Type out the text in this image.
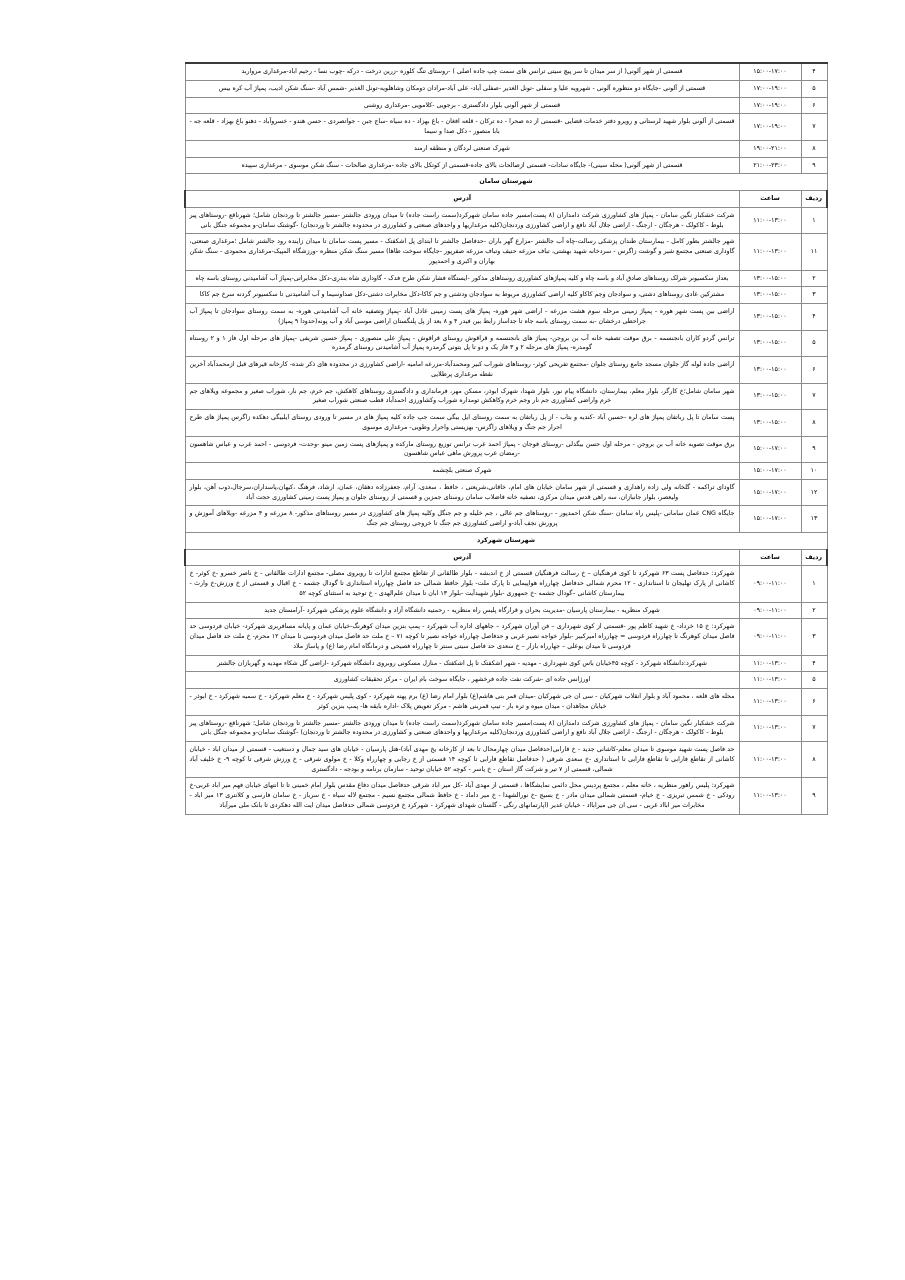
۴	۱۵:۰۰-۱۷:۰۰	قسمتی از شهر آلونی( از سر میدان تا سر پیچ سیتی ترانس های سمت چپ جاده اصلی ) -روستای تنگ کلوره -زرین درخت - درکه -چوب نسا - رحیم اباد-مرغداری مرواربد
۵	۱۷:۰۰-۱۹:۰۰	قسمتی از آلونی -جایگاه دو منظوره آلونی - شهرویه علیا و سفلی -تونل الغدیر -صفلی آباد- علی آباد-مرادان دومکان وشاهلویه-تونل الغدیر -شمس آباد -سنگ شکن ادیب، پمپاژ آب کره بیس
۶	۱۷:۰۰-۱۹:۰۰	قسمتی از شهر آلونی بلوار دادگستری - برجویی -کلامویی -مرغداری روشنی
۷	۱۷:۰۰-۱۹:۰۰	قسمتی از آلونی بلوار شهید لرستانی و رویرو دفتر خدمات قضایی -قسمتی از ده صحرا - ده ترکان - قلعه افغان - باغ بهزاد - ده سیاه -ساج جبن - جواتصردی - حسن هندو - خسروآباد - دهنو باغ بهزاد - قلعه جه - بابا منصور - دکل صدا و سیما
۸	۱۹:۰۰-۲۱:۰۰	شهرک صنعتی لردگان و منطقه ارمند
۹	۲۱:۰۰-۲۳:۰۰	قسمتی از شهر آلونی( محله سینی)- جایگاه سادات- قسمتی ازصالحات بالای جاده-قسمتی از کوتکل بالای جاده -مرغداری صالحات - سنگ شکن موسوی - مرغداری سپیده
شهرستان سامان		
ردیف	ساعت	آدرس
۱	۱۱:۰۰-۱۳:۰۰	شرکت خشکبار نگین سامان - پمپاژ های کشاورزی شرکت دامداران (۸ پست)مسیر جاده سامان شهرکرد(سمت راست جاده) تا میدان ورودی جالشتر -مسیر جالشتر تا وردنجان شامل؛ شهرناقع -روستاهای پیر بلوط - کاکولک - هرجگان - ارجنگ - اراضی جلال آباد نافع و اراضی کشاورزی وردنجان(کلیه مرغداریها و واحدهای صنعتی و کشاورزی در محدوده جالشتر تا وردنجان) -گوشتک سامان-و مجموعه جنگل بانی
۱۱	۱۱:۰۰-۱۳:۰۰	شهر جالشتر بطور کامل - بیمارستان طندان پزشکی رسالت-چاه آب جالشتر -مزارع گهر باران -حدفاصل جالشتر تا ابتدای پل اشکفتک - مسیر پست سامان تا میدان زاینده رود جالشتر شامل ؛مرغداری صنعتی، گاوداری صنعتی مجتمع شیر و گوشت زاگرس - سردخانه شهید بهشتی، تباف مزرعه حنیف وتباف مزرعه صفرپور -جایگاه سوخت طاها) مسیر سنگ شکن منظره -ورزشگاه المپیک-مرغداری محمودی - سنگ شکن بهاران و اکبری و احمدپور
۲	۱۳:۰۰-۱۵:۰۰	بعداز سکسیونر شرلک روستاهای صادق آباد و باسه چاه و کلیه پمپاژهای کشاورزی روستاهای مذکور -ایستگاه فشار شکن طرح فدک - گاوداری شاه بندری-دکل مخابراتی-پمپاژ آب آشامیدنی روستای باسه چاه
۳	۱۳:۰۰-۱۵:۰۰	مشترکین عادی روستاهای دشتی، و سوادجان وجم کاکاو کلیه اراضی کشاورزی مربوط به سوادجان ودشتی و جم کاکا-دکل مخابرات دشتی-دکل صداوسیما و آب آشامیدنی تا سکسیونر گردنه سرخ جم کاکا
۴	۱۳:۰۰-۱۵:۰۰	اراضی بین پست شهر هوره - پمپاژ زمینی مرحله سوم هشت مزرعه - اراضی شهر هوره- پمپاژ های پست زمینی عادل آباد -پمپاژ وتصفیه خانه آب آشامیدنی هوره- به سمت روستای سوادجان تا پمپاژ آب جراحطی درخشان -به سمت روستای باسه جاه تا جداساز رابط بین فیدر ۴ و ۸ بعد از پل پلنگستان اراضی موسی آباد و آب پونه(حدودا ۹ پمپاژ)
۵	۱۳:۰۰-۱۵:۰۰	ترانس گردو کاران بانجنسمه - برق موقت تصفیه خانه آب بن بروجن- پمپاژ های بانجنسمه و قراقوش روستای قراقوش - پمپاژ علی منصوری - پمپاژ حسین شریفی -پمپاژ های مرحله اول فاز ۱ و ۲ روستاه گومدره- پمپاژ های مرحله ۲ و ۳ فاز یک و دو تا پل بتونی گرمدره پمپاژ آب آشامیدنی روستای گرمدره
۶	۱۳:۰۰-۱۵:۰۰	اراضی جاده لوله گاز جلوان مسجد جامع روستای جلوان -مجتمع تفریحی کوثر- روستاهای شوراب کبیر ومحمدآباد-مزرعه امامیه -اراضی کشاورزی در محدوده های ذکر شده- کارخانه قیرهای قبل ازمحمدآباد آخرین نقطه مرغداری پرطلایی
۷	۱۳:۰۰-۱۵:۰۰	شهر سامان شامل؛خ کارگر، بلوار معلم، بیمارستان، دانشگاه پیام نور، بلوار شهدا، شهرک ابوذر، مسکن مهر، فرمانداری و دادگستری روستاهای کاهکش، جم خرم، جم نار، شوراب صغیر و مجموعه ویلاهای جم خرم واراضی کشاورزی جم نار وجم خرم وکاهکش تومداره شوراب وکشاورزی احمدآباد قطب صنعتی شوراب صغیر
۸	۱۳:۰۰-۱۵:۰۰	پست سامان تا پل رباتفان پمپاژ های لره -حسین آباد -کندیه و بتاب - از پل رباتفان به سمت روستای ایل بیگی سمت جپ جاده کلیه پمپاژ های در مسیر تا ورودی روستای ایلبیگی دهکده زاگرس پمپاژ های طرح احرار جم جنگ و ویلاهای زاگرس- بهزیستی واحرار وطویی- مرغداری موسوی
۹	۱۵:۰۰-۱۷:۰۰	برق موقت تصویه خانه آب بن بروجن - مرحله اول حسن بیگدلی -روستای فوجان - پمپاژ احمد عرب ترانس توزیع روستای مارکده و پمپاژهای پست زمین مینو -وحدت- فردوسی - احمد عرب و عباس شاهسون -رمضان عرب پرورش ماهی عباس شاهسون
۱۰	۱۵:۰۰-۱۷:۰۰	شهرک صنعتی بلچشمه
۱۲	۱۵:۰۰-۱۷:۰۰	گاودای تراکمه - گلخانه ولی زاده راهداری و قسمتی از شهر سامان خیابان های امام، خاقانی،شریعتی ، حافظ ، سعدی، آرام، جعفرزاده دهقان، عمان، ارشاد، فرهنگ ،کیهان،پاسداران،سرجال،ذوب آهن، بلوار ولیعصر، بلوار جانبازان، سه راهی قدس میدان مرکزی، تصفیه خانه فاضلاب سامان روستای جمزبن و قسمتی از روستای جلوان و پمپاژ پست زمینی کشاورزی حجت آباد
۱۳	۱۵:۰۰-۱۷:۰۰	جایگاه CNG عمان سامانی -پلیس راه سامان -سنگ شکن احمدپور - -روستاهای جم عالی ، جم خلیله و جم جنگل وکلیه پمپاژ های کشاورزی در مسیر روستاهای مذکور- ۸ مزرعه و ۴ مزرعه -ویلاهای آموزش و پرورش نجف آباد-و اراضی کشاورزی جم جنگ تا خروجی روستای جم جنگ
شهرستان شهرکرد		
ردیف	ساعت	آدرس
۱	۰۹:۰۰-۱۱:۰۰	شهرکرد: حدفاصل پست ۶۳ شهرکرد تا کوی فرهنگیان – خ رسالت فرهنگیان قسمتی از خ اندبشه - بلوار طالقانی از تقاطع مجتمع ادارات تا روبروی مصلی- مجتمع ادارات طالقانی - خ ناصر خسرو -خ کوثر- خ کاشانی از پارک تهلیجان تا استانداری - ۱۲ محرم شمالی حدفاصل چهارراه هواپیمایی تا پارک ملت- بلوار حافظ شمالی حد فاصل چهارراه استانداری تا گودال جشمه - خ اقبال و قسمتی از خ ورزش-خ وارث - بیمارستان کاشانی –گودال جشمه -خ جمهوری -بلوار شهیدآیت -بلوار ۱۳ ابان تا میدان علم‌الهدی - خ توحید به استثنای کوچه ۵۲
۲	۰۹:۰۰-۱۱:۰۰	شهرک منظریه - بیمارستان پارسیان -مدیریت بحران و قرارگاه پلیس راه منظریه - رحمتیه دانشگاه آزاد و دانشگاه علوم پزشکی شهرکرد -آرامستان جدید
۳	۰۹:۰۰-۱۱:۰۰	شهرکرد: خ ۱۵ خرداد- خ شهید کاظم پور -قسمتی از کوی شهرداری – فن آوران شهرکرد – جاههای اداره آب شهرکرد - پمپ بنزین میدان کوهرنگ-خیابان عمان و پایانه مسافربری شهرکرد- خیابان فردوسی حد فاصل میدان کوهرنگ تا چهارراه فردوسی = چهارراه امیرکبیر -بلوار خواجه نصیر غربی و حدفاصل چهارراه خواجه نصیر تا کوچه ۷۱ – خ ملت حد فاصل میدان فردوسی تا میدان ۱۲ محرم- خ ملت حد فاصل میدان فردوسی تا میدان بوعلی – جهارراه بازار – خ سعدی حد فاصل سیتی سنتر تا چهارراه فصیحی و درمانگاه امام رضا (ع) و پاساژ ملاد
۴	۱۱:۰۰-۱۳:۰۰	شهرکرد:دانشگاه شهرکرد - کوچه ۴۵خیابان باس کوی شهرداری - مهدیه - شهر اشکفتک تا پل اشکفتک - منازل مسکونی روبروی دانشگاه شهرکرد -اراضی گل شکاء مهدیه و گهربازان جالشتر
۵	۱۱:۰۰-۱۳:۰۰	اورژانس جاده ای -شرکت نفت جاده فرخشهر ، جایگاه سوخت بام ایران - مرکز تحقیقات کشاورزی
۶	۱۱:۰۰-۱۳:۰۰	محله های قلعه ، محمود آباد و بلوار انقلاب شهرکیان - سی ان جی شهرکیان -میدان قمر بنی هاشم(ع) بلوار امام رضا (ع) برم پهنه شهرکرد - کوی پلیس شهرکرد - خ معلم شهرکرد - خ سمیه شهرکرد - خ ابوذر - خیابان مجاهدان - میدان میوه و تره بار - تیپ قمربنی هاشم - مرکز تعویض پلاک -اداره بایقه ها- پمپ بنزین کوثر
۷	۱۱:۰۰-۱۳:۰۰	شرکت خشکبار نگین سامان - پمپاژ های کشاورزی شرکت دامداران (۸ پست)مسیر جاده سامان شهرکرد(سمت راست جاده) تا میدان ورودی جالشتر -مسیر جالشتر تا وردنجان شامل؛ شهرناقع -روستاهای پیر بلوط - کاکولک - هرجگان - ارجنگ - اراضی جلال آباد نافع و اراضی کشاورزی وردنجان(کلیه مرغداریها و واحدهای صنعتی و کشاورزی در محدوده جالشتر تا وردنجان) -گوشتک سامان-و مجموعه جنگل بانی
۸	۱۱:۰۰-۱۳:۰۰	حد فاصل پست شهید موسوی تا میدان معلم-کاشانی جدید - خ فارابی(حدفاصل میدان چهارمحال تا بعد از کارخانه یخ مهدی آباد)-هتل پارسیان - خیابان های سید جمال و دستغیب - قسمتی از میدان اباد - خیابان کاشانی از تقاطع فارابی تا تقاطع فارابی تا استانداری -خ سعدی شرقی ( حدفاصل تقاطع فارابی تا کوچه ۱۴ قسمتی از خ رجایی و چهارراه وکلا - خ مولوی شرقی - خ ورزش شرقی تا کوچه ۹- خ خلیف آباد شمالی، قسمتی از ۷ تیر و شرکت گاز استان - خ یاسر - کوچه ۵۲ خیابان توحید - سازمان برنامه و بودجه - دادگستری
۹	۱۱:۰۰-۱۳:۰۰	شهرکرد: پلیس راهور منظریه ، خانه معلم ، مجتمع پردیس محل دائمی نمایشگاها ، قسمتی از مهدی آباد -کل میر اباد شرقی حدفاصل میدان دفاع مقدس بلوار امام خمینی تا تا انتهای خیابان فهم میر اباد غربی-خ رودکی - خ شمس تبریزی - خ خیام- قسمتی شمالی میدان مادر - خ بسیج -خ نورالشهدا - خ میر داماد - خ حافظ شمالی مجتمع نسیم - مجتمع لاله سیاه - خ سرباز - خ سامان فارسی و کلانتری ۱۳ میر اباد - مخابرات میر ابااد غربی - سی ان جی میرابااد - خیابان غدیر (اپارتمانهای رنگی - گلستان شهدای شهرکرد - شهرکرد خ فردوسی شمالی حدفاصل میدان ایت الله دهکردی تا بانک ملی میرآباد
